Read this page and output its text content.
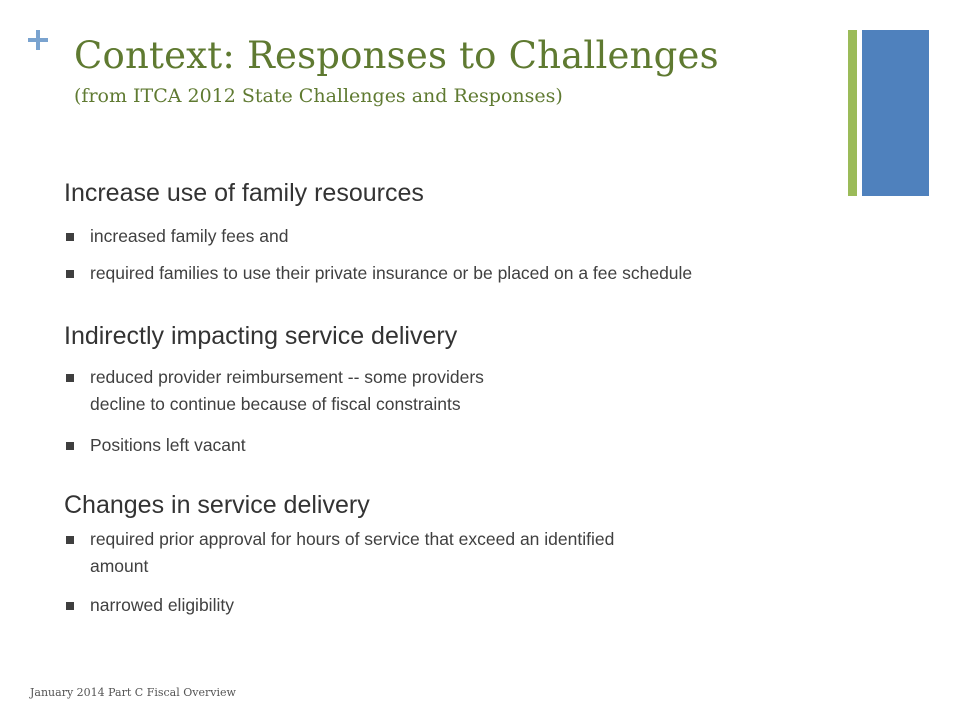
Context: Responses to Challenges
(from ITCA 2012 State Challenges and Responses)
Increase use of family resources
increased family fees and
required families to use their private insurance or be placed on a fee schedule
Indirectly impacting service delivery
reduced provider reimbursement -- some providers
decline to continue because of fiscal constraints
Positions left vacant
Changes in service delivery
required prior approval for hours of service that exceed an identified
amount
narrowed eligibility
January 2014 Part C Fiscal Overview
